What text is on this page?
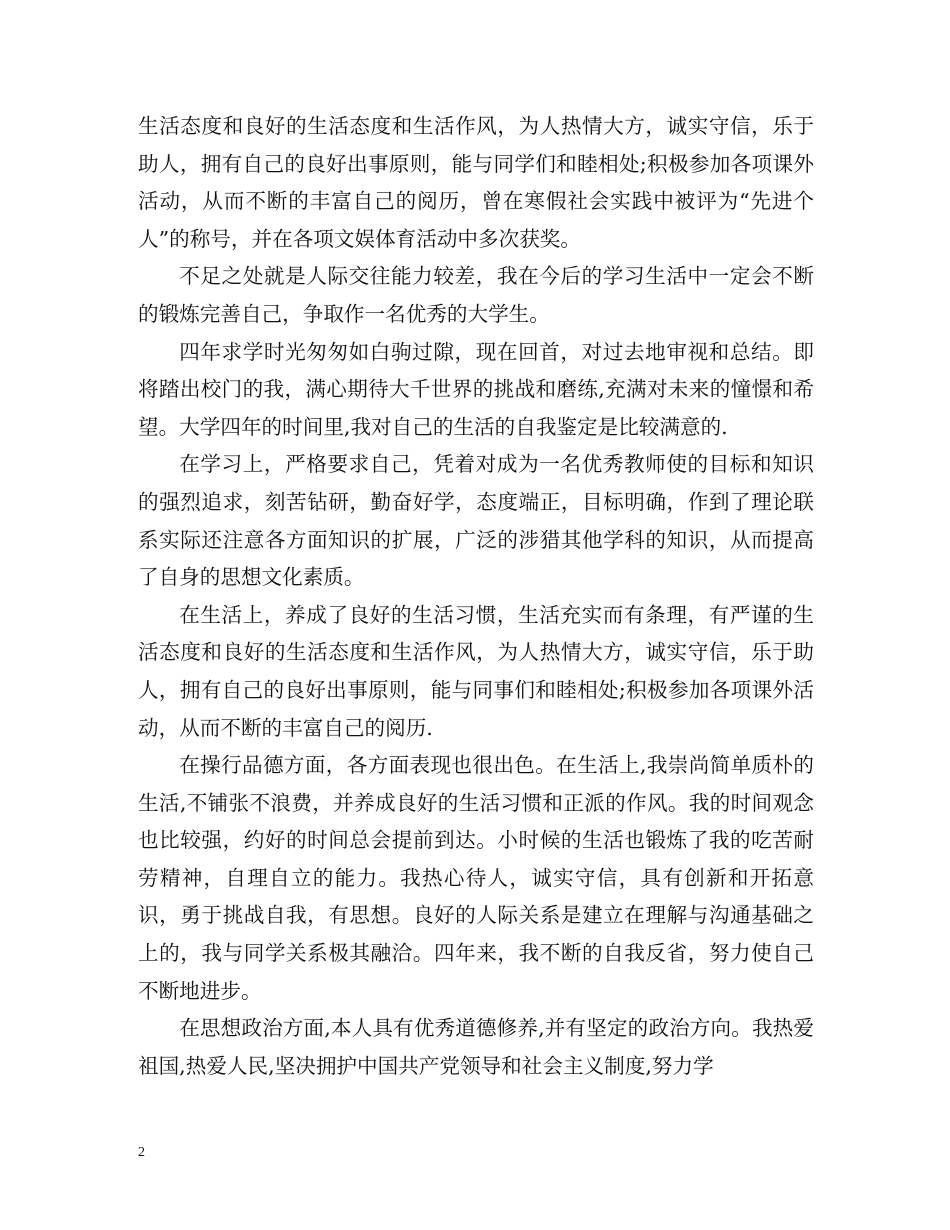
生活态度和良好的生活态度和生活作风，为人热情大方，诚实守信，乐于助人，拥有自己的良好出事原则，能与同学们和睦相处;积极参加各项课外活动，从而不断的丰富自己的阅历，曾在寒假社会实践中被评为“先进个人”的称号，并在各项文娱体育活动中多次获奖。

不足之处就是人际交往能力较差，我在今后的学习生活中一定会不断的锻炼完善自己，争取作一名优秀的大学生。

四年求学时光匆匆如白驹过隙，现在回首，对过去地审视和总结。即将踏出校门的我，满心期待大千世界的挑战和磨练,充满对未来的憧憬和希望。大学四年的时间里,我对自己的生活的自我鉴定是比较满意的.

在学习上，严格要求自己，凭着对成为一名优秀教师使的目标和知识的强烈追求，刻苦钻研，勤奋好学，态度端正，目标明确，作到了理论联系实际还注意各方面知识的扩展，广泛的涉猎其他学科的知识，从而提高了自身的思想文化素质。

在生活上，养成了良好的生活习惯，生活充实而有条理，有严谨的生活态度和良好的生活态度和生活作风，为人热情大方，诚实守信，乐于助人，拥有自己的良好出事原则，能与同事们和睦相处;积极参加各项课外活动，从而不断的丰富自己的阅历.

在操行品德方面，各方面表现也很出色。在生活上,我崇尚简单质朴的生活,不铺张不浪费，并养成良好的生活习惯和正派的作风。我的时间观念也比较强，约好的时间总会提前到达。小时候的生活也锻炼了我的吃苦耐劳精神，自理自立的能力。我热心待人，诚实守信，具有创新和开拓意识，勇于挑战自我，有思想。良好的人际关系是建立在理解与沟通基础之上的，我与同学关系极其融洽。四年来，我不断的自我反省，努力使自己不断地进步。

在思想政治方面,本人具有优秀道德修养,并有坚定的政治方向。我热爱祖国,热爱人民,坚决拥护中国共产党领导和社会主义制度,努力学

2
